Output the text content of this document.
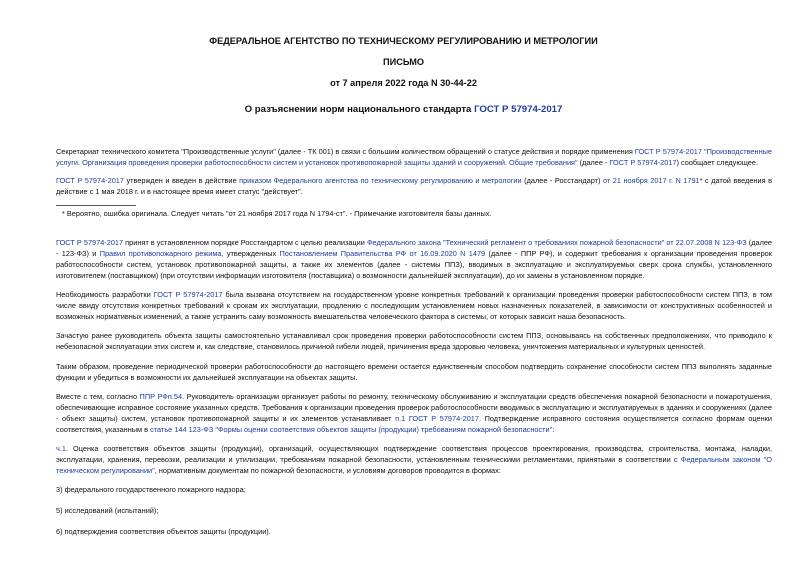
ФЕДЕРАЛЬНОЕ АГЕНТСТВО ПО ТЕХНИЧЕСКОМУ РЕГУЛИРОВАНИЮ И МЕТРОЛОГИИ
ПИСЬМО
от 7 апреля 2022 года N 30-44-22
О разъяснении норм национального стандарта ГОСТ Р 57974-2017

Секретариат технического комитета "Производственные услуги" (далее - ТК 001) в связи с большим количеством обращений о статусе действия и порядке применения ГОСТ Р 57974-2017 "Производственные услуги. Организация проведения проверки работоспособности систем и установок противопожарной защиты зданий и сооружений. Общие требования" (далее - ГОСТ Р 57974-2017) сообщает следующее.

ГОСТ Р 57974-2017 утвержден и введен в действие приказом Федерального агентства по техническому регулированию и метрологии (далее - Росстандарт) от 21 ноября 2017 г. N 1791* с датой введения в действие с 1 мая 2018 г. и в настоящее время имеет статус "действует".

* Вероятно, ошибка оригинала. Следует читать "от 21 ноября 2017 года N 1794-ст". - Примечание изготовителя базы данных.

ГОСТ Р 57974-2017 принят в установленном порядке Росстандартом с целью реализации Федерального закона "Технический регламент о требованиях пожарной безопасности" от 22.07.2008 N 123-ФЗ (далее - 123-ФЗ) и Правил противопожарного режима, утвержденных Постановлением Правительства РФ от 16.09.2020 N 1479 (далее - ППР РФ), и содержит требования к организации проведения проверок работоспособности систем, установок противопожарной защиты, а также их элементов (далее - системы ППЗ), вводимых в эксплуатацию и эксплуатируемых сверх срока службы, установленного изготовителем (поставщиком) (при отсутствии информации изготовителя (поставщика) о возможности дальнейшей эксплуатации), до их замены в установленном порядке.

Необходимость разработки ГОСТ Р 57974-2017 была вызвана отсутствием на государственном уровне конкретных требований к организации проведения проверки работоспособности систем ППЗ, в том числе ввиду отсутствия конкретных требований к срокам их эксплуатации, продлению с последующим установлением новых назначенных показателей, в зависимости от конструктивных особенностей и возможных нормативных изменений, а также устранить саму возможность вмешательства человеческого фактора в системы, от которых зависит наша безопасность.

Зачастую ранее руководитель объекта защиты самостоятельно устанавливал срок проведения проверки работоспособности систем ППЗ, основываясь на собственных предположениях, что приводило к небезопасной эксплуатации этих систем и, как следствие, становилось причиной гибели людей, причинения вреда здоровью человека, уничтожения материальных и культурных ценностей.

Таким образом, проведение периодической проверки работоспособности до настоящего времени остается единственным способом подтвердить сохранение способности систем ППЗ выполнять заданные функции и убедиться в возможности их дальнейшей эксплуатации на объектах защиты.

Вместе с тем, согласно ППР РФп.54. Руководитель организации организует работы по ремонту, техническому обслуживанию и эксплуатации средств обеспечения пожарной безопасности и пожаротушения, обеспечивающие исправное состояние указанных средств. Требования к организации проведения проверок работоспособности вводимых в эксплуатацию и эксплуатируемых в зданиях и сооружениях (далее - объект защиты) систем, установок противопожарной защиты и их элементов устанавливает п.1 ГОСТ Р 57974-2017. Подтверждение исправного состояния осуществляется согласно формам оценки соответствия, указанным в статье 144 123-ФЗ "Формы оценки соответствия объектов защиты (продукции) требованиям пожарной безопасности":

ч.1. Оценка соответствия объектов защиты (продукции), организаций, осуществляющих подтверждение соответствия процессов проектирования, производства, строительства, монтажа, наладки, эксплуатации, хранения, перевозки, реализации и утилизации, требованиям пожарной безопасности, установленным техническими регламентами, принятыми в соответствии с Федеральным законом "О техническом регулировании", нормативным документам по пожарной безопасности, и условиям договоров проводится в формах:

3) федерального государственного пожарного надзора;
5) исследований (испытаний);
6) подтверждения соответствия объектов защиты (продукции).
